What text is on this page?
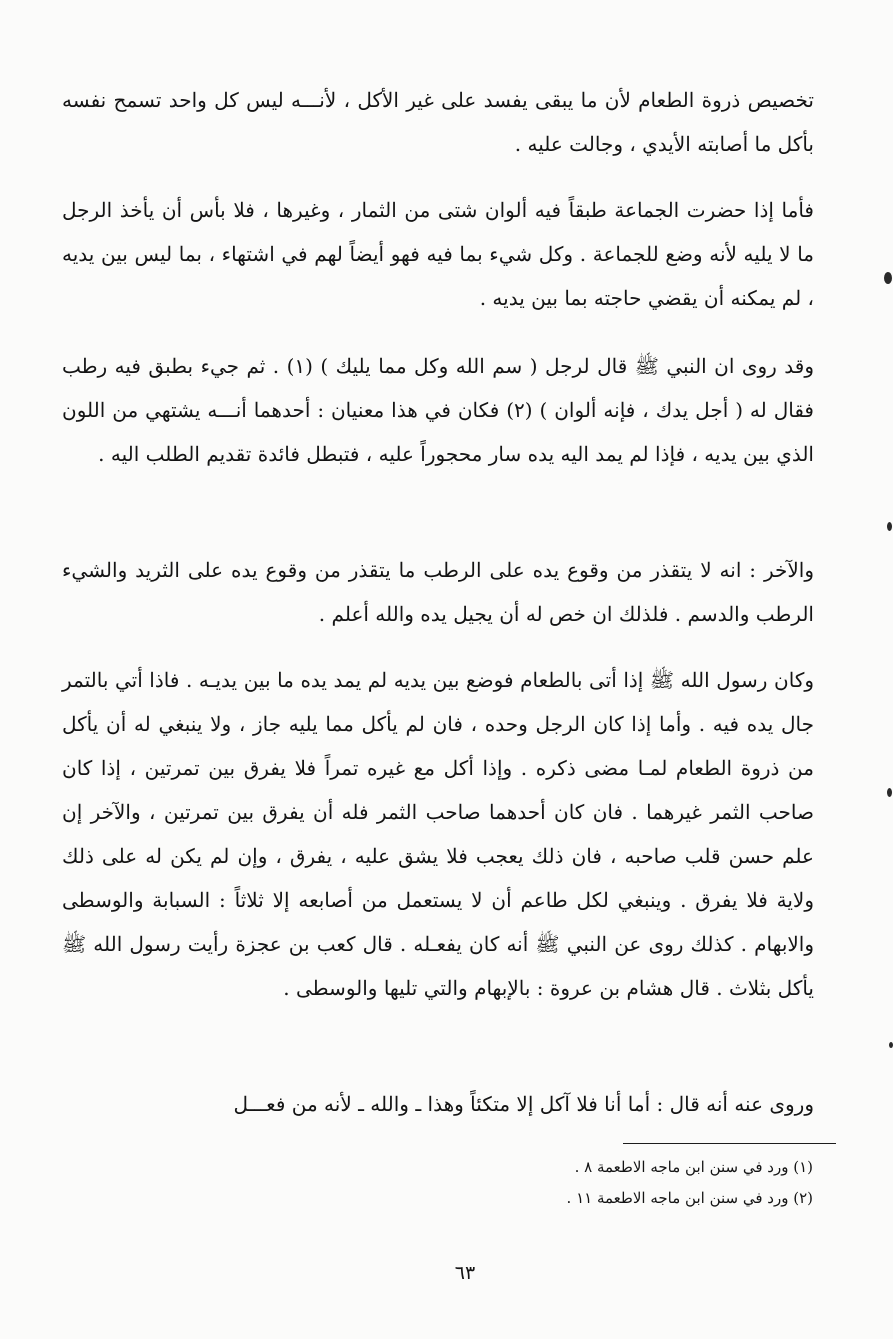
تخصيص ذروة الطعام لأن ما يبقى يفسد على غير الأكل ، لأنـــه ليس كل واحد تسمح نفسه بأكل ما أصابته الأيدي ، وجالت عليه .

فأما إذا حضرت الجماعة طبقاً فيه ألوان شتى من الثمار ، وغيرها ، فلا بأس أن يأخذ الرجل ما لا يليه لأنه وضع للجماعة . وكل شيء بما فيه فهو أيضاً لهم في اشتهاء ، بما ليس بين يديه ، لم يمكنه أن يقضي حاجته بما بين يديه .

وقد روى ان النبي ﷺ قال لرجل ( سم الله وكل مما يليك ) (١) . ثم جيء بطبق فيه رطب فقال له ( أجل يدك ، فإنه ألوان ) (٢) فكان في هذا معنيان : أحدهما أنـــه يشتهي من اللون الذي بين يديه ، فإذا لم يمد اليه يده سار محجوراً عليه ، فتبطل فائدة تقديم الطلب اليه .

والآخر : انه لا يتقذر من وقوع يده على الرطب ما يتقذر من وقوع يده على الثريد والشيء الرطب والدسم . فلذلك ان خص له أن يجيل يده والله أعلم .

وكان رسول الله ﷺ إذا أتى بالطعام فوضع بين يديه لم يمد يده ما بين يديـه . فاذا أتي بالتمر جال يده فيه . وأما إذا كان الرجل وحده ، فان لم يأكل مما يليه جاز ، ولا ينبغي له أن يأكل من ذروة الطعام لمـا مضى ذكره . وإذا أكل مع غيره تمراً فلا يفرق بين تمرتين ، إذا كان صاحب الثمر غيرهما . فان كان أحدهما صاحب الثمر فله أن يفرق بين تمرتين ، والآخر إن علم حسن قلب صاحبه ، فان ذلك يعجب فلا يشق عليه ، يفرق ، وإن لم يكن له على ذلك ولاية فلا يفرق . وينبغي لكل طاعم أن لا يستعمل من أصابعه إلا ثلاثاً : السبابة والوسطى والابهام . كذلك روى عن النبي ﷺ أنه كان يفعـله . قال كعب بن عجزة رأيت رسول الله ﷺ يأكل بثلاث . قال هشام بن عروة : بالإبهام والتي تليها والوسطى .

وروى عنه أنه قال : أما أنا فلا آكل إلا متكئاً وهذا ـ والله ـ لأنه من فعـــل

(١) ورد في سنن ابن ماجه الاطعمة ٨ .

(٢) ورد في سنن ابن ماجه الاطعمة ١١ .

٦٣
